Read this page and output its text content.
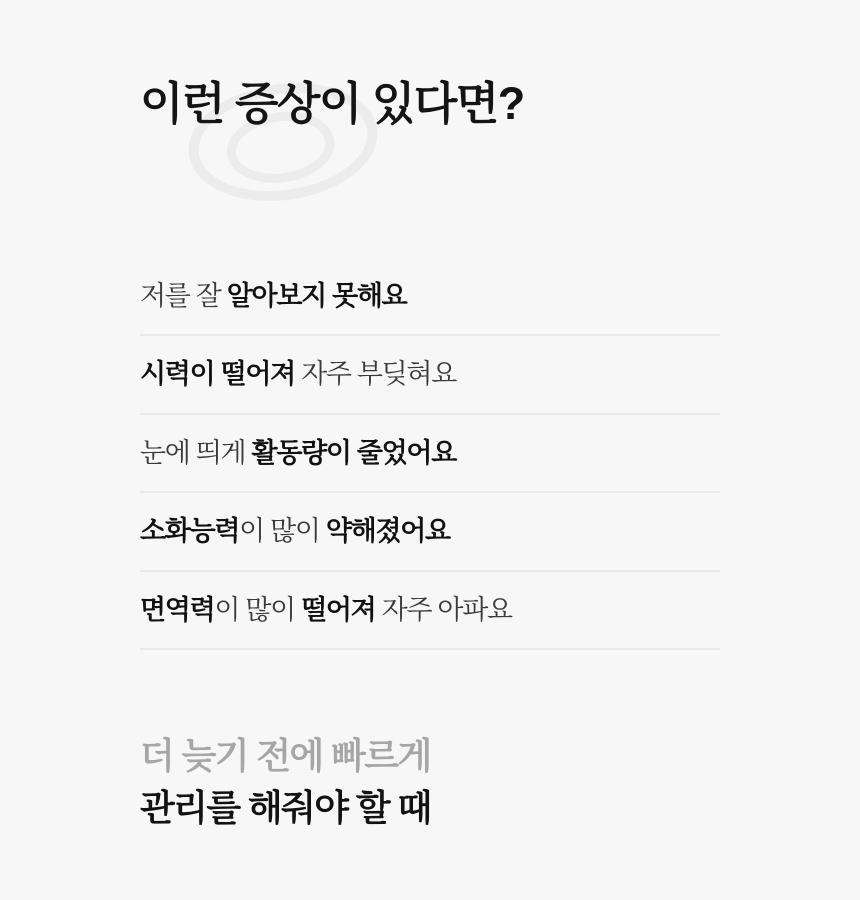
이런 증상이 있다면?
저를 잘 알아보지 못해요
시력이 떨어져 자주 부딪혀요
눈에 띄게 활동량이 줄었어요
소화능력이 많이 약해졌어요
면역력이 많이 떨어져 자주 아파요

더 늦기 전에 빠르게

관리를 해줘야 할 때
